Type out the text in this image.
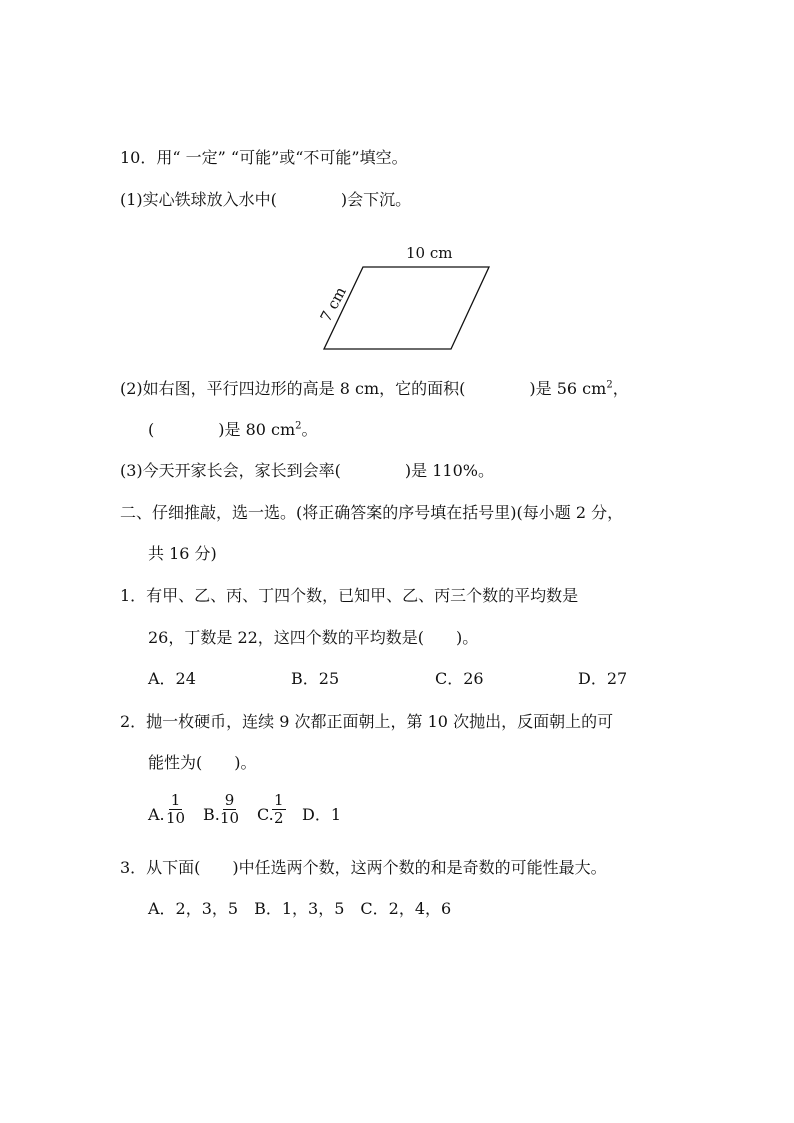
10．用“ 一定” “可能”或“不可能”填空。
(1)实心铁球放入水中(　　　　)会下沉。
10 cm
7 cm
(2)如右图，平行四边形的高是 8 cm，它的面积(　　　　)是 56 $cm^2$，
(　　　　)是 80 $cm^2$。
(3)今天开家长会，家长到会率(　　　　)是 110%。
二、仔细推敲，选一选。(将正确答案的序号填在括号里)(每小题 2 分，
共 16 分)
1．有甲、乙、丙、丁四个数，已知甲、乙、丙三个数的平均数是
26，丁数是 22，这四个数的平均数是(　　)。
A．24	B．25	C．26	D．27
2．抛一枚硬币，连续 9 次都正面朝上，第 10 次抛出，反面朝上的可
能性为(　　)。
A. $\frac{1}{10} B$.
$\frac{9}{10} C$.
$\frac{1}{2}$ D．1
3．从下面(　　)中任选两个数，这两个数的和是奇数的可能性最大。
A．2，3，5　B．1，3，5　C．2，4，6
